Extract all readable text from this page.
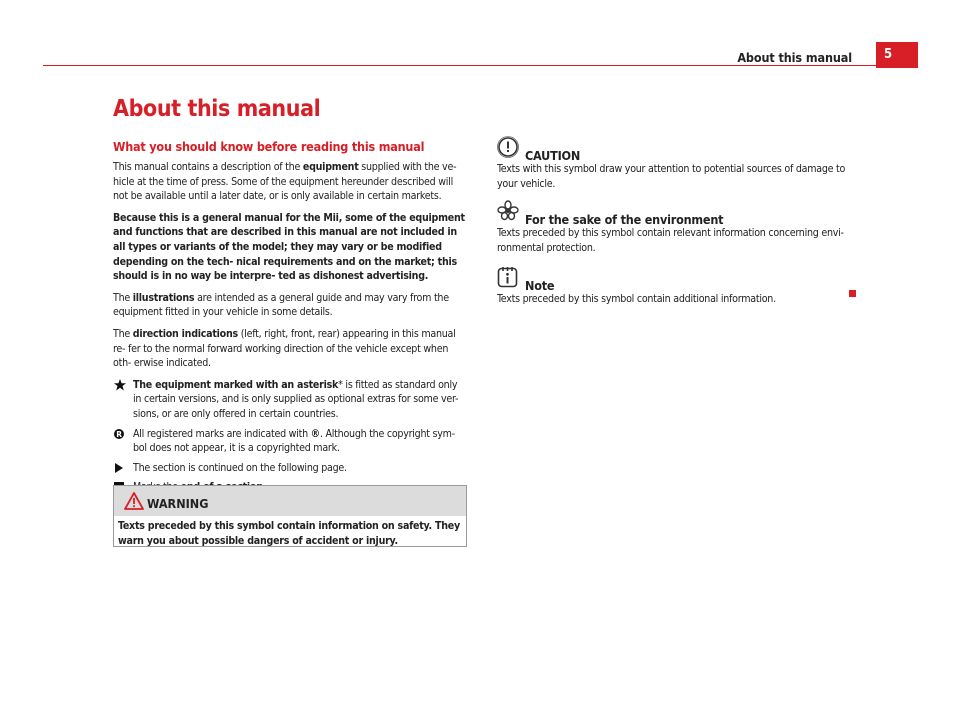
About this manual	5
About this manual
What you should know before reading this manual

This manual contains a description of the equipment supplied with the ve- hicle at the time of press. Some of the equipment hereunder described will not be available until a later date, or is only available in certain markets.

Because this is a general manual for the Mii, some of the equipment and functions that are described in this manual are not included in all types or variants of the model; they may vary or be modified depending on the tech- nical requirements and on the market; this should is in no way be interpre- ted as dishonest advertising.

The illustrations are intended as a general guide and may vary from the equipment fitted in your vehicle in some details.

The direction indications (left, right, front, rear) appearing in this manual re- fer to the normal forward working direction of the vehicle except when oth- erwise indicated.

The equipment marked with an asterisk* is fitted as standard only in certain versions, and is only supplied as optional extras for some ver- sions, or are only offered in certain countries.
R All registered marks are indicated with ®. Although the copyright sym- bol does not appear, it is a copyrighted mark.
The section is continued on the following page.
WARNING
Texts preceded by this symbol contain information on safety. They warn you about possible dangers of accident or injury.
CAUTION
Texts with this symbol draw your attention to potential sources of damage to your vehicle.
For the sake of the environment
Texts preceded by this symbol contain relevant information concerning envi- ronmental protection.
Note
Texts preceded by this symbol contain additional information.
